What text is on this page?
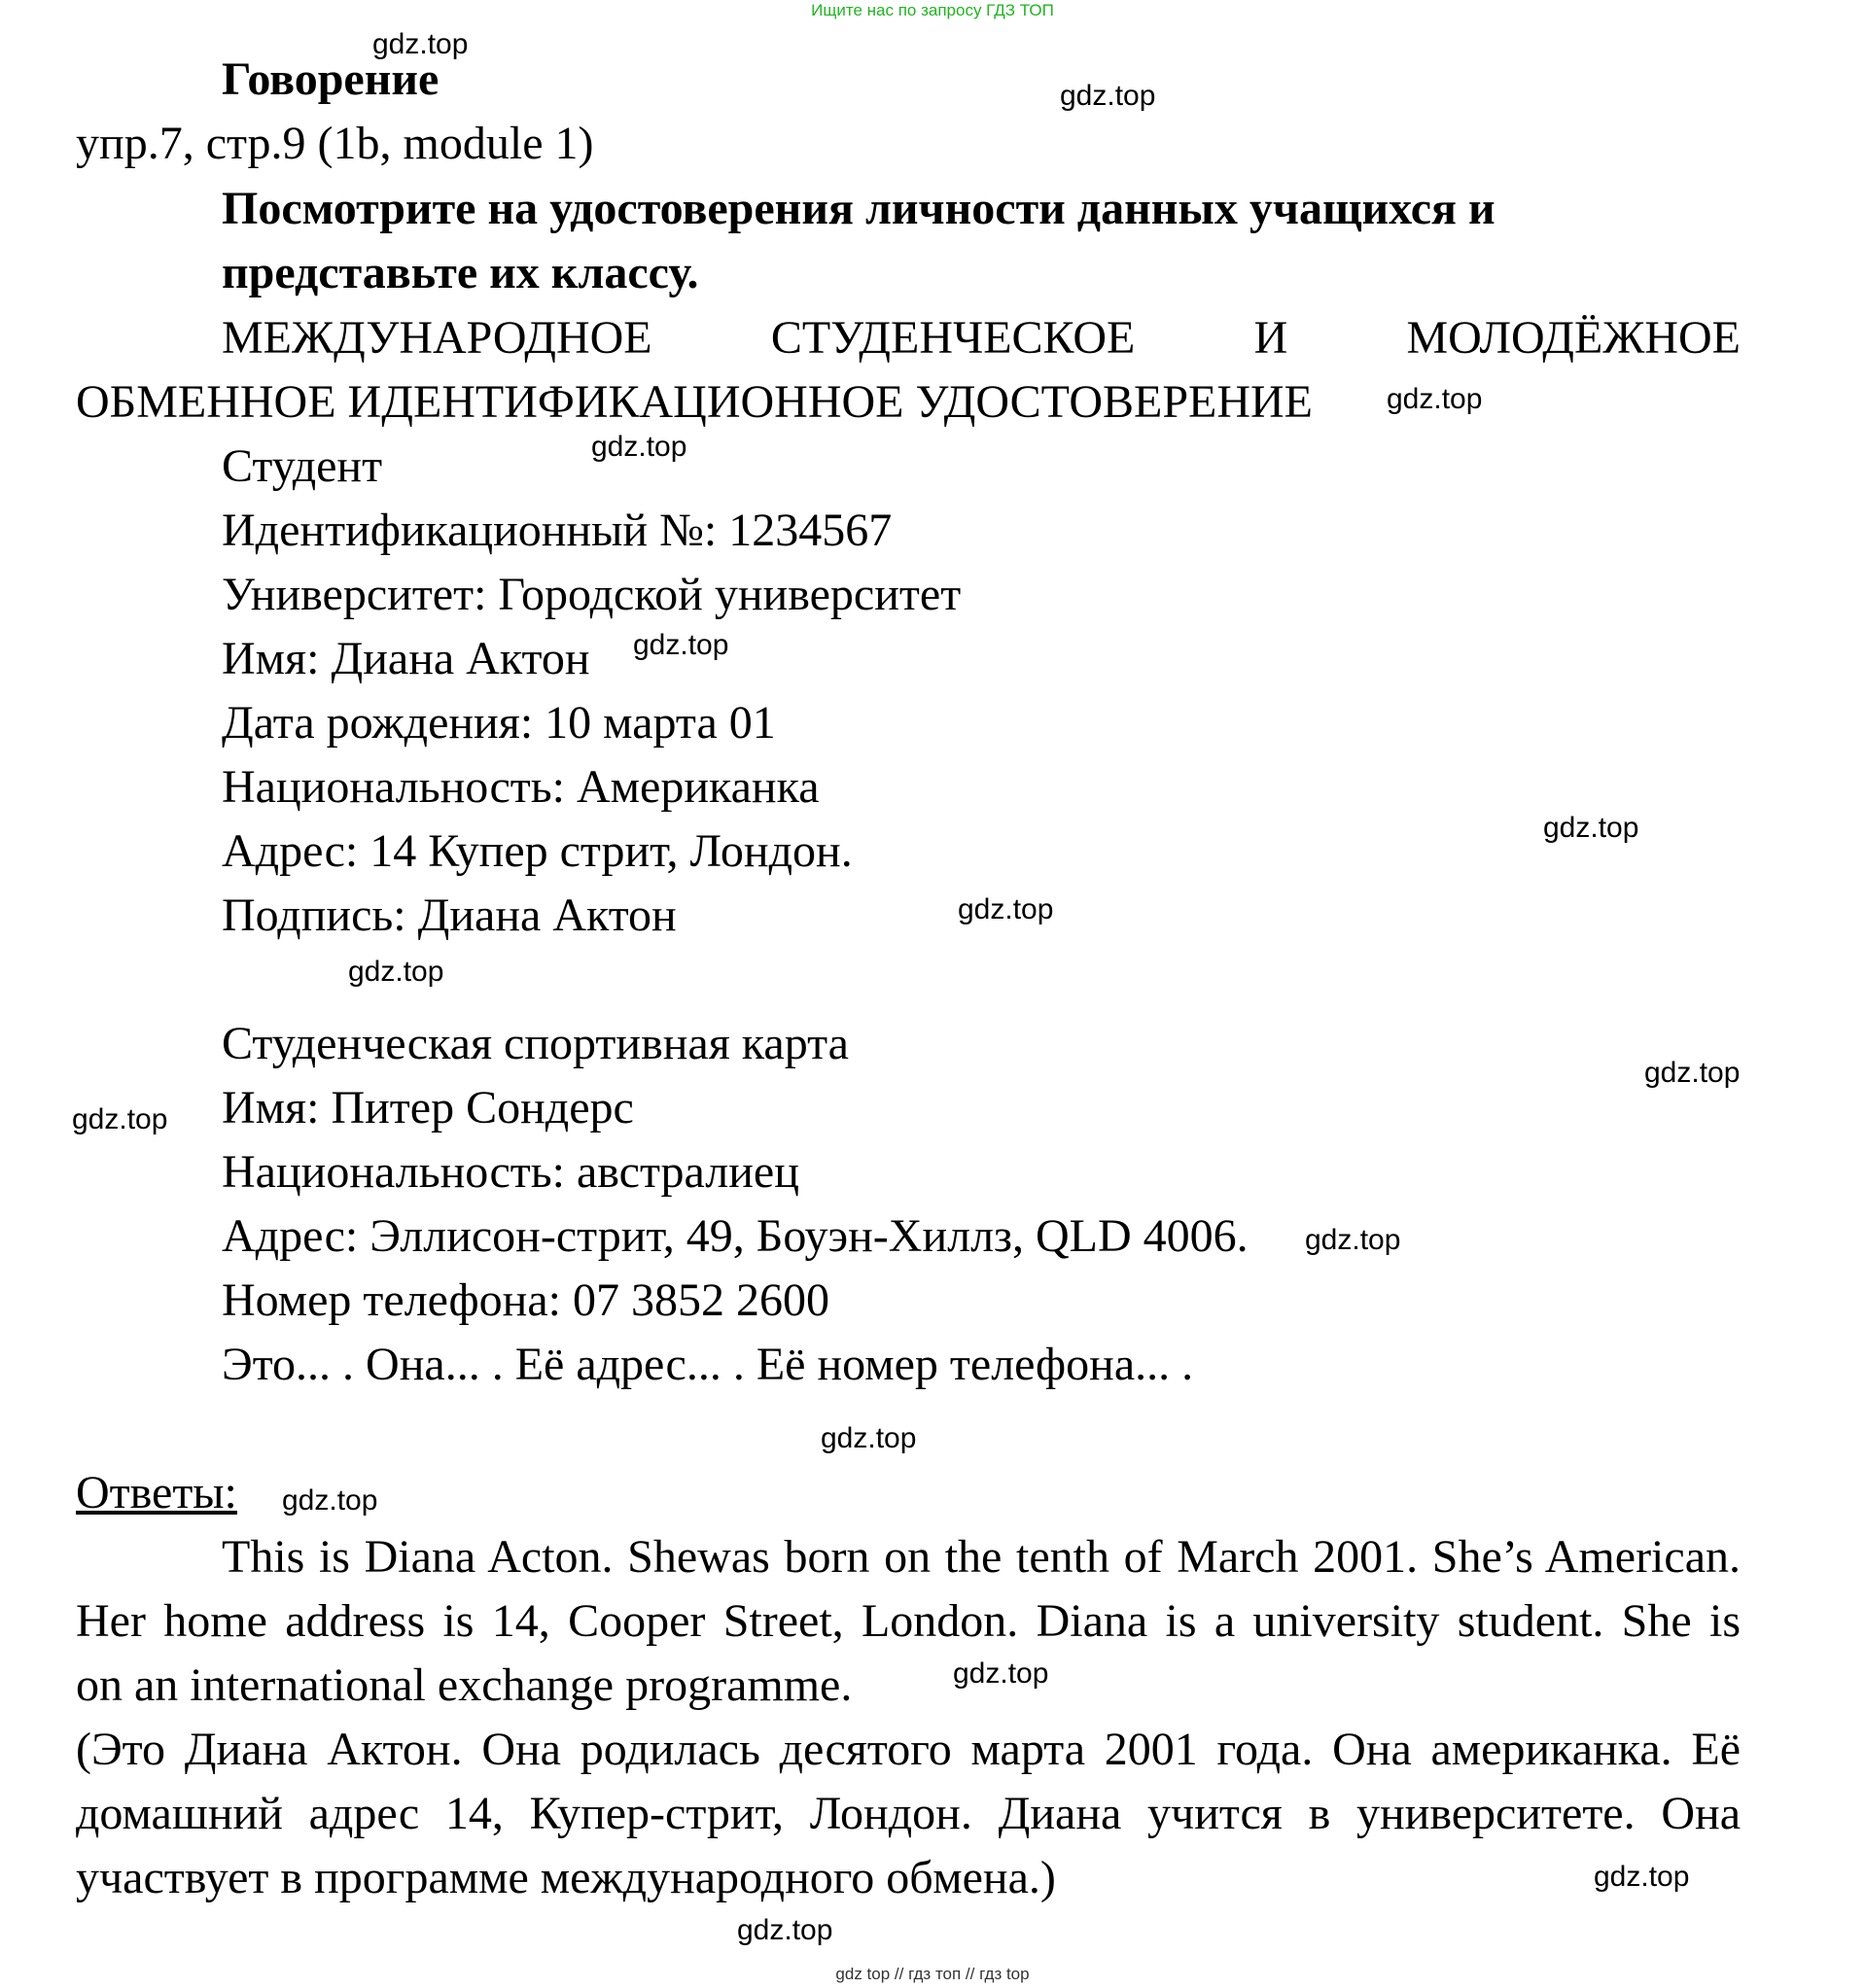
Ищите нас по запросу ГДЗ ТОП
Говорение
упр.7, стр.9 (1b, module 1)
Посмотрите на удостоверения личности данных учащихся и
представьте их классу.
МЕЖДУНАРОДНОЕ СТУДЕНЧЕСКОЕ И МОЛОДЁЖНОЕ
ОБМЕННОЕ ИДЕНТИФИКАЦИОННОЕ УДОСТОВЕРЕНИЕ
Студент
Идентификационный №: 1234567
Университет: Городской университет
Имя: Диана Актон
Дата рождения: 10 марта 01
Национальность: Американка
Адрес: 14 Купер стрит, Лондон.
Подпись: Диана Актон
Студенческая спортивная карта
Имя: Питер Сондерс
Национальность: австралиец
Адрес: Эллисон-стрит, 49, Боуэн-Хиллз, QLD 4006.
Номер телефона: 07 3852 2600
Это... . Она... . Её адрес... . Её номер телефона... .
Ответы:
This is Diana Acton. Shewas born on the tenth of March 2001. She’s American.
Her home address is 14, Cooper Street, London. Diana is a university student. She is
on an international exchange programme.
(Это Диана Актон. Она родилась десятого марта 2001 года. Она американка. Её
домашний адрес 14, Купер-стрит, Лондон. Диана учится в университете. Она
участвует в программе международного обмена.)
gdz.top
gdz.top
gdz.top
gdz.top
gdz.top
gdz.top
gdz.top
gdz.top
gdz.top
gdz.top
gdz.top
gdz.top
gdz.top
gdz.top
gdz.top
gdz.top
gdz top // гдз топ // гдз top
